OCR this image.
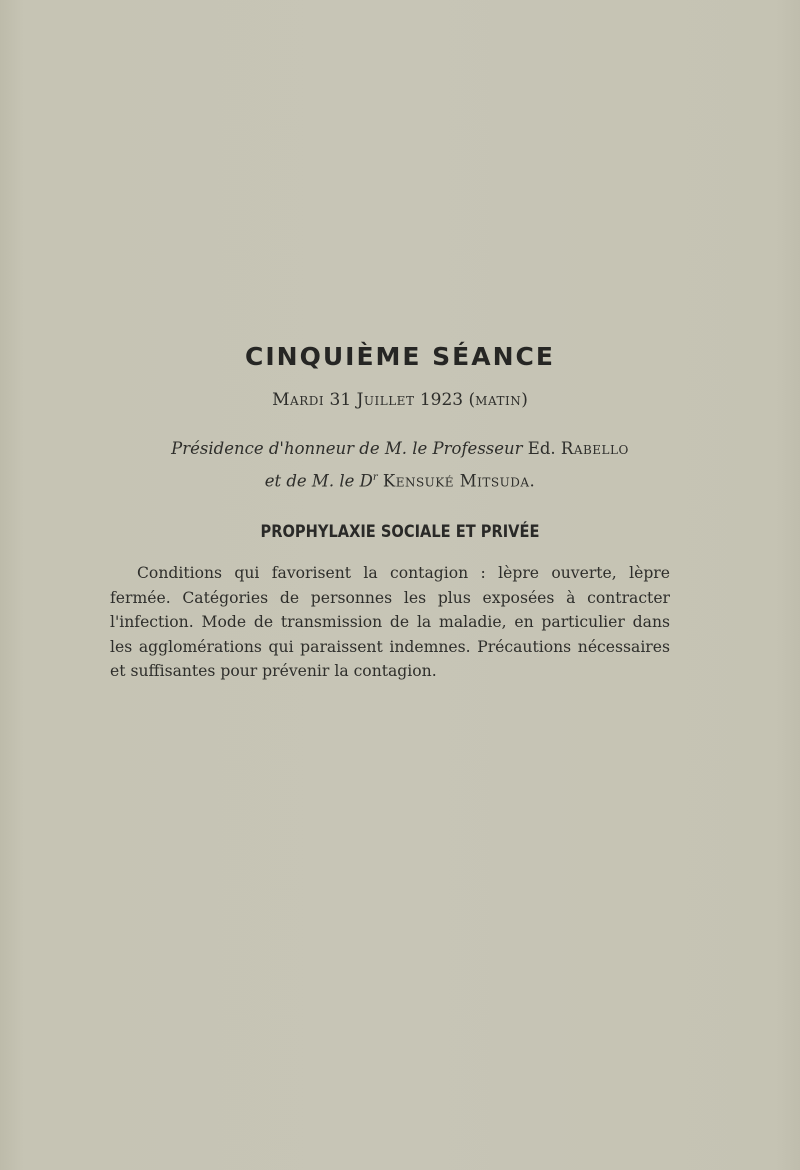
CINQUIÈME SÉANCE
Mardi 31 Juillet 1923 (matin)
Présidence d'honneur de M. le Professeur Ed. Rabello
et de M. le $D^r$ Kensuké Mitsuda.
PROPHYLAXIE SOCIALE ET PRIVÉE

Conditions qui favorisent la contagion : lèpre ouverte, lèpre fermée. Catégories de personnes les plus exposées à contracter l'infection. Mode de transmission de la maladie, en particulier dans les agglomérations qui paraissent indemnes. Précautions nécessaires et suffisantes pour prévenir la contagion.
